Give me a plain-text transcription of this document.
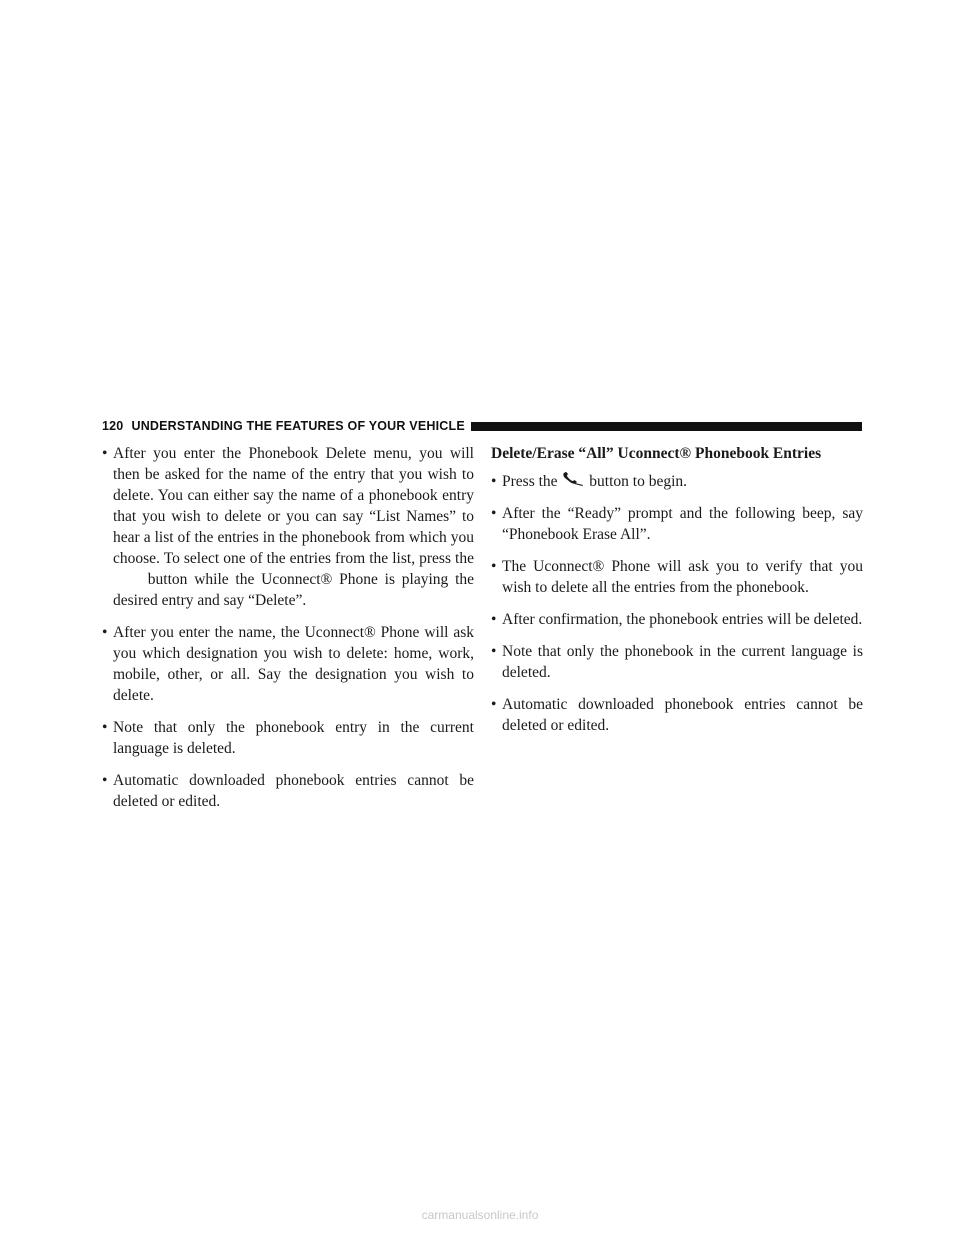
120 UNDERSTANDING THE FEATURES OF YOUR VEHICLE
• After you enter the Phonebook Delete menu, you will then be asked for the name of the entry that you wish to delete. You can either say the name of a phonebook entry that you wish to delete or you can say “List Names” to hear a list of the entries in the phonebook from which you choose. To select one of the entries from the list, press the  button while the Uconnect® Phone is playing the desired entry and say “Delete”.
• After you enter the name, the Uconnect® Phone will ask you which designation you wish to delete: home, work, mobile, other, or all. Say the designation you wish to delete.
• Note that only the phonebook entry in the current language is deleted.
• Automatic downloaded phonebook entries cannot be deleted or edited.
Delete/Erase “All” Uconnect® Phonebook Entries
• Press the button to begin.
• After the “Ready” prompt and the following beep, say “Phonebook Erase All”.
• The Uconnect® Phone will ask you to verify that you wish to delete all the entries from the phonebook.
• After confirmation, the phonebook entries will be deleted.
• Note that only the phonebook in the current language is deleted.
• Automatic downloaded phonebook entries cannot be deleted or edited.
carmanualsonline.info
